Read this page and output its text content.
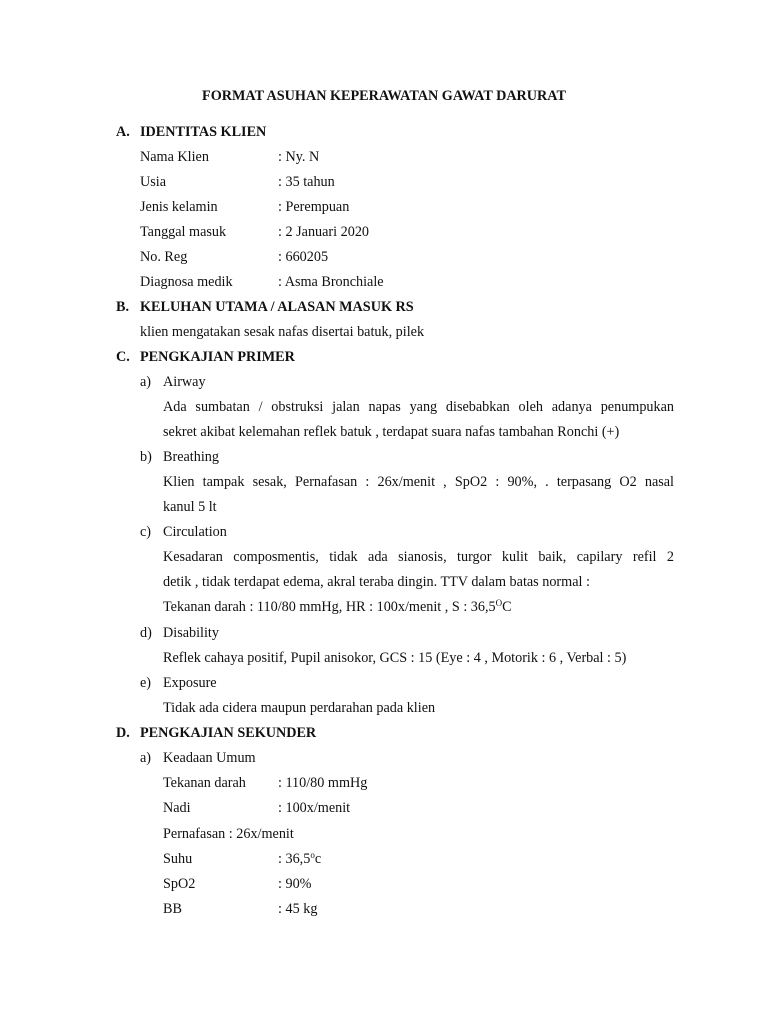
FORMAT ASUHAN KEPERAWATAN GAWAT DARURAT
A. IDENTITAS KLIEN
Nama Klien	: Ny. N
Usia	: 35 tahun
Jenis kelamin	: Perempuan
Tanggal masuk	: 2 Januari 2020
No. Reg	: 660205
Diagnosa medik	: Asma Bronchiale
B. KELUHAN UTAMA / ALASAN MASUK RS
klien mengatakan sesak nafas disertai batuk, pilek
C. PENGKAJIAN PRIMER
a) Airway
Ada sumbatan / obstruksi jalan napas yang disebabkan oleh adanya penumpukan
sekret akibat kelemahan reflek batuk , terdapat suara nafas tambahan Ronchi (+)
b) Breathing
Klien tampak sesak, Pernafasan : 26x/menit , SpO2 : 90%, . terpasang O2 nasal
kanul 5 lt
c) Circulation
Kesadaran composmentis, tidak ada sianosis, turgor kulit baik, capilary refil 2
detik , tidak terdapat edema, akral teraba dingin. TTV dalam batas normal :
Tekanan darah : 110/80 mmHg, HR : 100x/menit , S : $36,5^OC$
d) Disability
Reflek cahaya positif, Pupil anisokor, GCS : 15 (Eye : 4 , Motorik : 6 , Verbal : 5)
e) Exposure
Tidak ada cidera maupun perdarahan pada klien
D. PENGKAJIAN SEKUNDER
a) Keadaan Umum
Tekanan darah : 110/80 mmHg
Nadi	: 100x/menit
Pernafasan : 26x/menit
Suhu	: 36,5$^o$c
SpO2	: 90%
BB	: 45 kg
